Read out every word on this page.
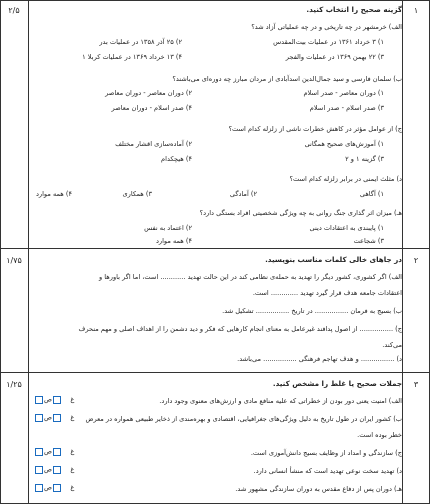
۱
۲/۵	گزینه صحیح را انتخاب کنید.
الف) خرمشهر در چه تاریخی و در چه عملیاتی آزاد شد؟
۱) ۳ خرداد ۱۳۶۱ در عملیات بیت‌المقدس
۲) ۲۵ آذر ۱۳۵۸ در عملیات بدر
۳) ۲۲ بهمن ۱۳۶۹ در عملیات والفجر
۴) ۱۳ خرداد ۱۳۶۹ در عملیات کربلا ۱
ب) سلمان فارسی و سید جمال‌الدین اسدآبادی از مردان مبارز چه دوره‌ای می‌باشند؟
۱) دوران معاصر - صدر اسلام
۲) دوران معاصر - دوران معاصر
۳) صدر اسلام - صدر اسلام
۴) صدر اسلام - دوران معاصر
ج) از عوامل مؤثر در کاهش خطرات ناشی از زلزله کدام است؟
۱) آموزش‌های صحیح همگانی
۲) آماده‌سازی اقشار مختلف
۳) گزینه ۱ و ۲
۴) هیچکدام
د) مثلث ایمنی در برابر زلزله کدام است؟
۱) آگاهی
۲) آمادگی
۳) همکاری
۴) همه موارد
هـ) میزان اثر گذاری جنگ روانی به چه ویژگی شخصیتی افراد بستگی دارد؟
۱) پایبندی به اعتقادات دینی
۲) اعتماد به نفس
۳) شجاعت
۴) همه موارد
۲
۱/۷۵	در جاهای خالی کلمات مناسب بنویسید.
الف) اگر کشوری، کشور دیگر را تهدید به حمله‌ی نظامی کند در این حالت تهدید ............ است، اما اگر باورها و
اعتقادات جامعه هدف قرار گیرد تهدید ............. است.
ب) بسیج به فرمان ................ در تاریخ ................ تشکیل شد.
ج) ................ از اصول پدافند غیرعامل به معنای انجام کارهایی که فکر و دید دشمن را از اهداف اصلی و مهم منحرف
می‌کند.
د) ................ و هدف تهاجم فرهنگی ................ می‌باشد.
۳
۱/۲۵	جملات صحیح یا غلط را مشخص کنید.
الف) امنیت یعنی دور بودن از خطراتی که علیه منافع مادی و ارزش‌های معنوی وجود دارد.
غ    ص
ب) کشور ایران در طول تاریخ به دلیل ویژگی‌های جغرافیایی، اقتصادی و بهره‌مندی از ذخایر طبیعی همواره در معرض
غ    ص
خطر بوده است.
ج) سازندگی و امداد از وظایف بسیج دانش‌آموزی است.
غ    ص
د) تهدید سخت نوعی تهدید است که منشأ انسانی دارد.
غ    ص
هـ) دوران پس از دفاع مقدس به دوران سازندگی مشهور شد.
غ    ص
